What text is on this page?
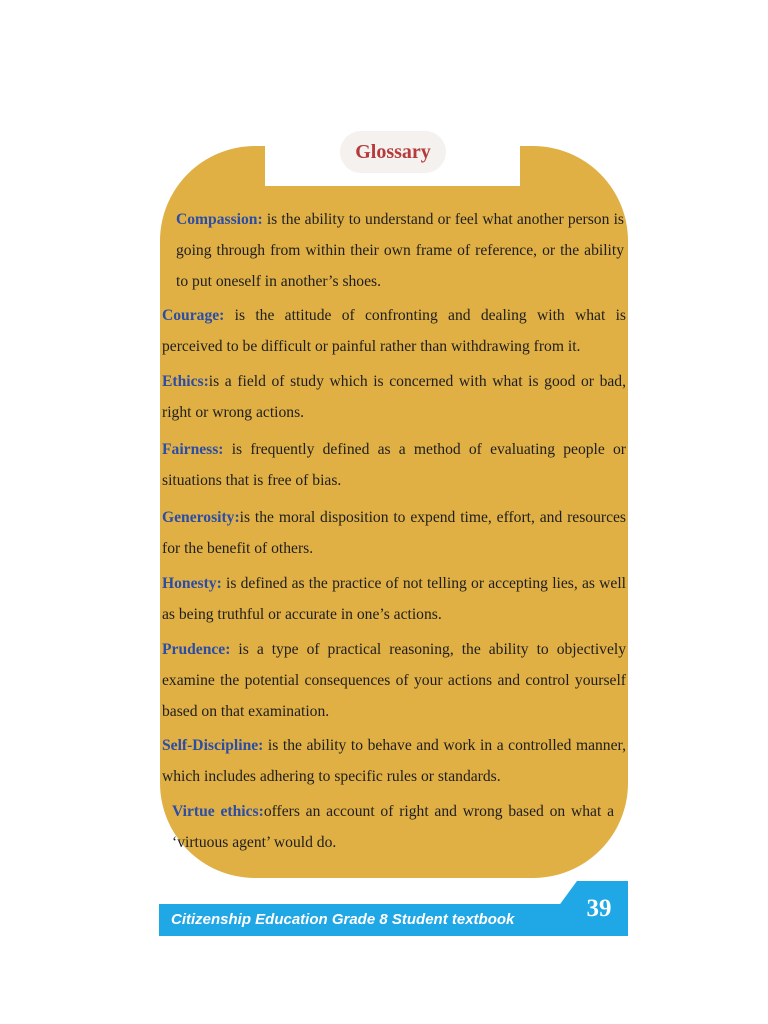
Glossary
Compassion: is the ability to understand or feel what another person is going through from within their own frame of reference, or the ability to put oneself in another’s shoes.
Courage: is the attitude of confronting and dealing with what is perceived to be difficult or painful rather than withdrawing from it.
Ethics:is a field of study which is concerned with what is good or bad, right or wrong actions.
Fairness: is frequently defined as a method of evaluating people or situations that is free of bias.
Generosity:is the moral disposition to expend time, effort, and resources for the benefit of others.
Honesty: is defined as the practice of not telling or accepting lies, as well as being truthful or accurate in one’s actions.
Prudence: is a type of practical reasoning, the ability to objectively examine the potential consequences of your actions and control yourself based on that examination.
Self-Discipline: is the ability to behave and work in a controlled manner, which includes adhering to specific rules or standards.
Virtue ethics:offers an account of right and wrong based on what a ‘virtuous agent’ would do.
Citizenship Education Grade 8 Student textbook	39
